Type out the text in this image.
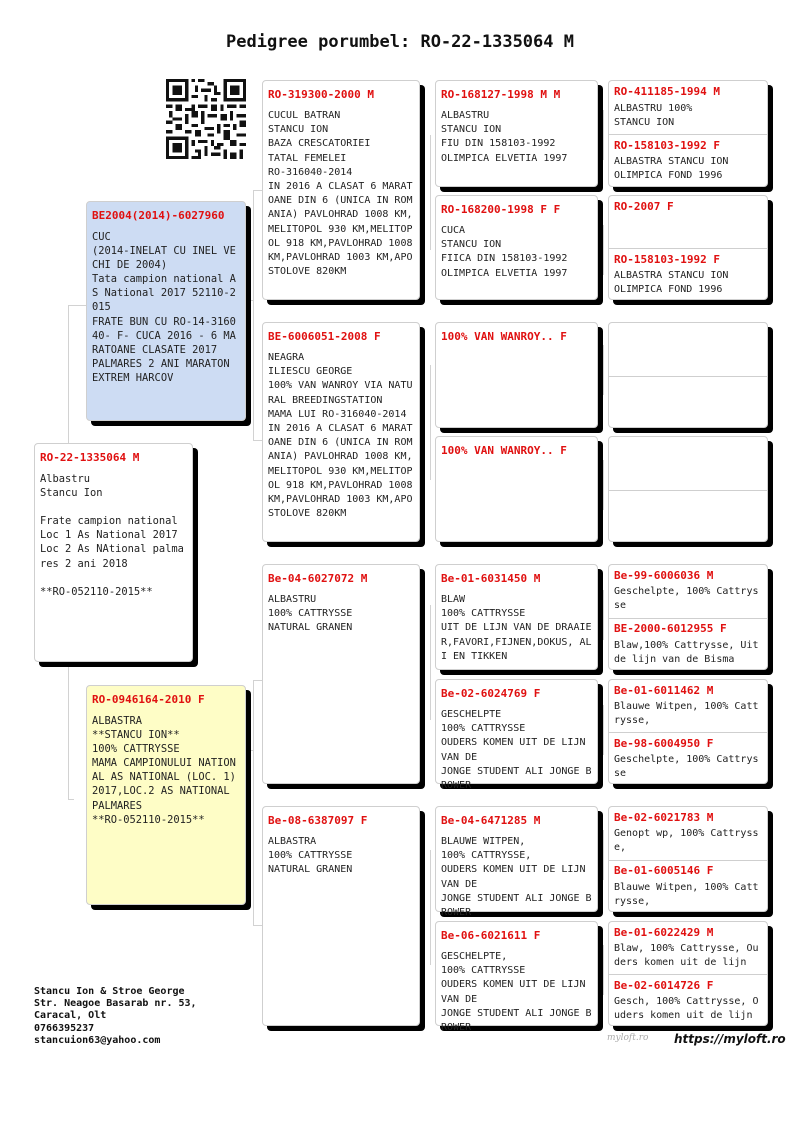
Pedigree porumbel: RO-22-1335064 M
RO-22-1335064 M
Albastru
Stancu Ion

Frate campion national
Loc 1 As National 2017
Loc 2 As NAtional palmares 2 ani 2018

**RO-052110-2015**
BE2004(2014)-6027960
CUC
(2014-INELAT CU INEL VECHI DE 2004)
Tata campion national AS National 2017 52110-2015
FRATE BUN CU RO-14-316040- F- CUCA 2016 - 6 MARATOANE CLASATE 2017
PALMARES 2 ANI MARATON EXTREM HARCOV
RO-0946164-2010 F
ALBASTRA
**STANCU ION**
100% CATTRYSSE
MAMA CAMPIONULUI NATIONAL AS NATIONAL (LOC. 1) 2017,LOC.2 AS NATIONAL PALMARES
**RO-052110-2015**
RO-319300-2000 M
CUCUL BATRAN
STANCU ION
BAZA CRESCATORIEI
TATAL FEMELEI
RO-316040-2014
IN 2016 A CLASAT 6 MARATOANE DIN 6 (UNICA IN ROMANIA) PAVLOHRAD 1008 KM,MELITOPOL 930 KM,MELITOPOL 918 KM,PAVLOHRAD 1008 KM,PAVLOHRAD 1003 KM,APOSTOLOVE 820KM
BE-6006051-2008 F
NEAGRA
ILIESCU GEORGE
100% VAN WANROY VIA NATURAL BREEDINGSTATION
MAMA LUI RO-316040-2014
IN 2016 A CLASAT 6 MARATOANE DIN 6 (UNICA IN ROMANIA) PAVLOHRAD 1008 KM,MELITOPOL 930 KM,MELITOPOL 918 KM,PAVLOHRAD 1008 KM,PAVLOHRAD 1003 KM,APOSTOLOVE 820KM
Be-04-6027072 M
ALBASTRU
100% CATTRYSSE
NATURAL GRANEN
Be-08-6387097 F
ALBASTRA
100% CATTRYSSE
NATURAL GRANEN
RO-168127-1998 M M
ALBASTRU
STANCU ION
FIU DIN 158103-1992
OLIMPICA ELVETIA 1997
RO-168200-1998 F F
CUCA
STANCU ION
FIICA DIN 158103-1992
OLIMPICA ELVETIA 1997
100% VAN WANROY.. F
100% VAN WANROY.. F
Be-01-6031450 M
BLAW
100% CATTRYSSE
UIT DE LIJN VAN DE DRAAIER,FAVORI,FIJNEN,DOKUS, ALI EN TIKKEN
Be-02-6024769 F
GESCHELPTE
100% CATTRYSSE
OUDERS KOMEN UIT DE LIJN VAN DE
JONGE STUDENT ALI JONGE BROWER
Be-04-6471285 M
BLAUWE WITPEN,
100% CATTRYSSE,
OUDERS KOMEN UIT DE LIJN VAN DE
JONGE STUDENT ALI JONGE BROWER
Be-06-6021611 F
GESCHELPTE,
100% CATTRYSSE
OUDERS KOMEN UIT DE LIJN VAN DE
JONGE STUDENT ALI JONGE BROWER
RO-411185-1994 M
ALBASTRU 100%
STANCU ION
RO-158103-1992 F
ALBASTRA STANCU ION
OLIMPICA FOND 1996
RO-2007 F
RO-158103-1992 F
ALBASTRA STANCU ION
OLIMPICA FOND 1996
Be-99-6006036 M
Geschelpte, 100% Cattrysse
BE-2000-6012955 F
Blaw,100% Cattrysse, Uit de lijn van de Bisma
Be-01-6011462 M
Blauwe Witpen, 100% Cattrysse,
Be-98-6004950 F
Geschelpte, 100% Cattrysse
Be-02-6021783 M
Genopt wp, 100% Cattrysse,
Be-01-6005146 F
Blauwe Witpen, 100% Cattrysse,
Be-01-6022429 M
Blaw, 100% Cattrysse, Ouders komen uit de lijn
Be-02-6014726 F
Gesch, 100% Cattrysse, Ouders komen uit de lijn
Stancu Ion & Stroe George
Str. Neagoe Basarab nr. 53,
Caracal, Olt
0766395237
stancuion63@yahoo.com	myloft.ro https://myloft.ro
